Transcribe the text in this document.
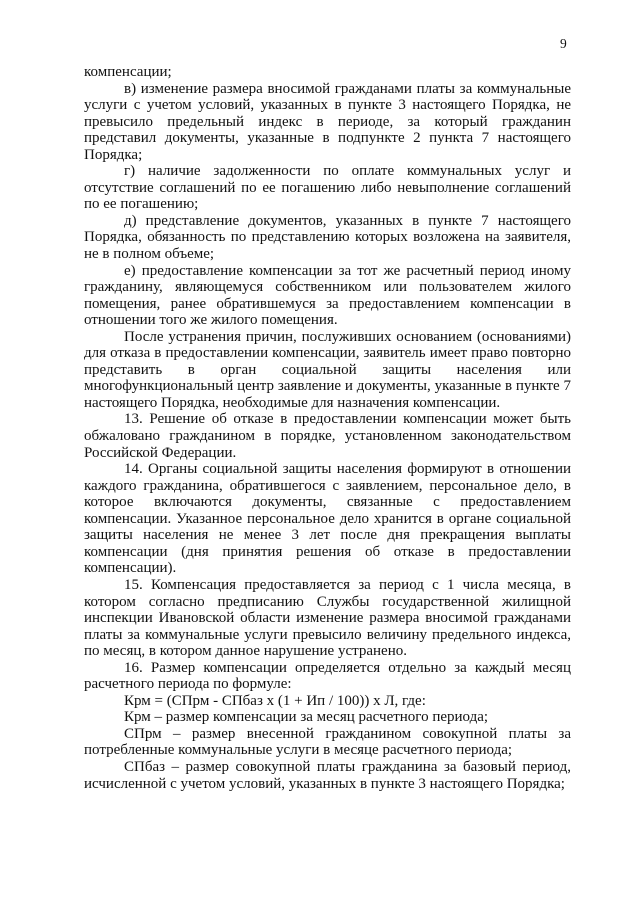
9

компенсации;

в) изменение размера вносимой гражданами платы за коммунальные услуги с учетом условий, указанных в пункте 3 настоящего Порядка, не превысило предельный индекс в периоде, за который гражданин представил документы, указанные в подпункте 2 пункта 7 настоящего Порядка;

г) наличие задолженности по оплате коммунальных услуг и отсутствие соглашений по ее погашению либо невыполнение соглашений по ее погашению;

д) представление документов, указанных в пункте 7 настоящего Порядка, обязанность по представлению которых возложена на заявителя, не в полном объеме;

е) предоставление компенсации за тот же расчетный период иному гражданину, являющемуся собственником или пользователем жилого помещения, ранее обратившемуся за предоставлением компенсации в отношении того же жилого помещения.

После устранения причин, послуживших основанием (основаниями) для отказа в предоставлении компенсации, заявитель имеет право повторно представить в орган социальной защиты населения или многофункциональный центр заявление и документы, указанные в пункте 7 настоящего Порядка, необходимые для назначения компенсации.

13. Решение об отказе в предоставлении компенсации может быть обжаловано гражданином в порядке, установленном законодательством Российской Федерации.

14. Органы социальной защиты населения формируют в отношении каждого гражданина, обратившегося с заявлением, персональное дело, в которое включаются документы, связанные с предоставлением компенсации. Указанное персональное дело хранится в органе социальной защиты населения не менее 3 лет после дня прекращения выплаты компенсации (дня принятия решения об отказе в предоставлении компенсации).

15. Компенсация предоставляется за период с 1 числа месяца, в котором согласно предписанию Службы государственной жилищной инспекции Ивановской области изменение размера вносимой гражданами платы за коммунальные услуги превысило величину предельного индекса, по месяц, в котором данное нарушение устранено.

16. Размер компенсации определяется отдельно за каждый месяц расчетного периода по формуле:

Крм = (СПрм - СПбаз x (1 + Ип / 100)) x Л, где:

Крм – размер компенсации за месяц расчетного периода;

СПрм – размер внесенной гражданином совокупной платы за потребленные коммунальные услуги в месяце расчетного периода;

СПбаз – размер совокупной платы гражданина за базовый период, исчисленной с учетом условий, указанных в пункте 3 настоящего Порядка;
